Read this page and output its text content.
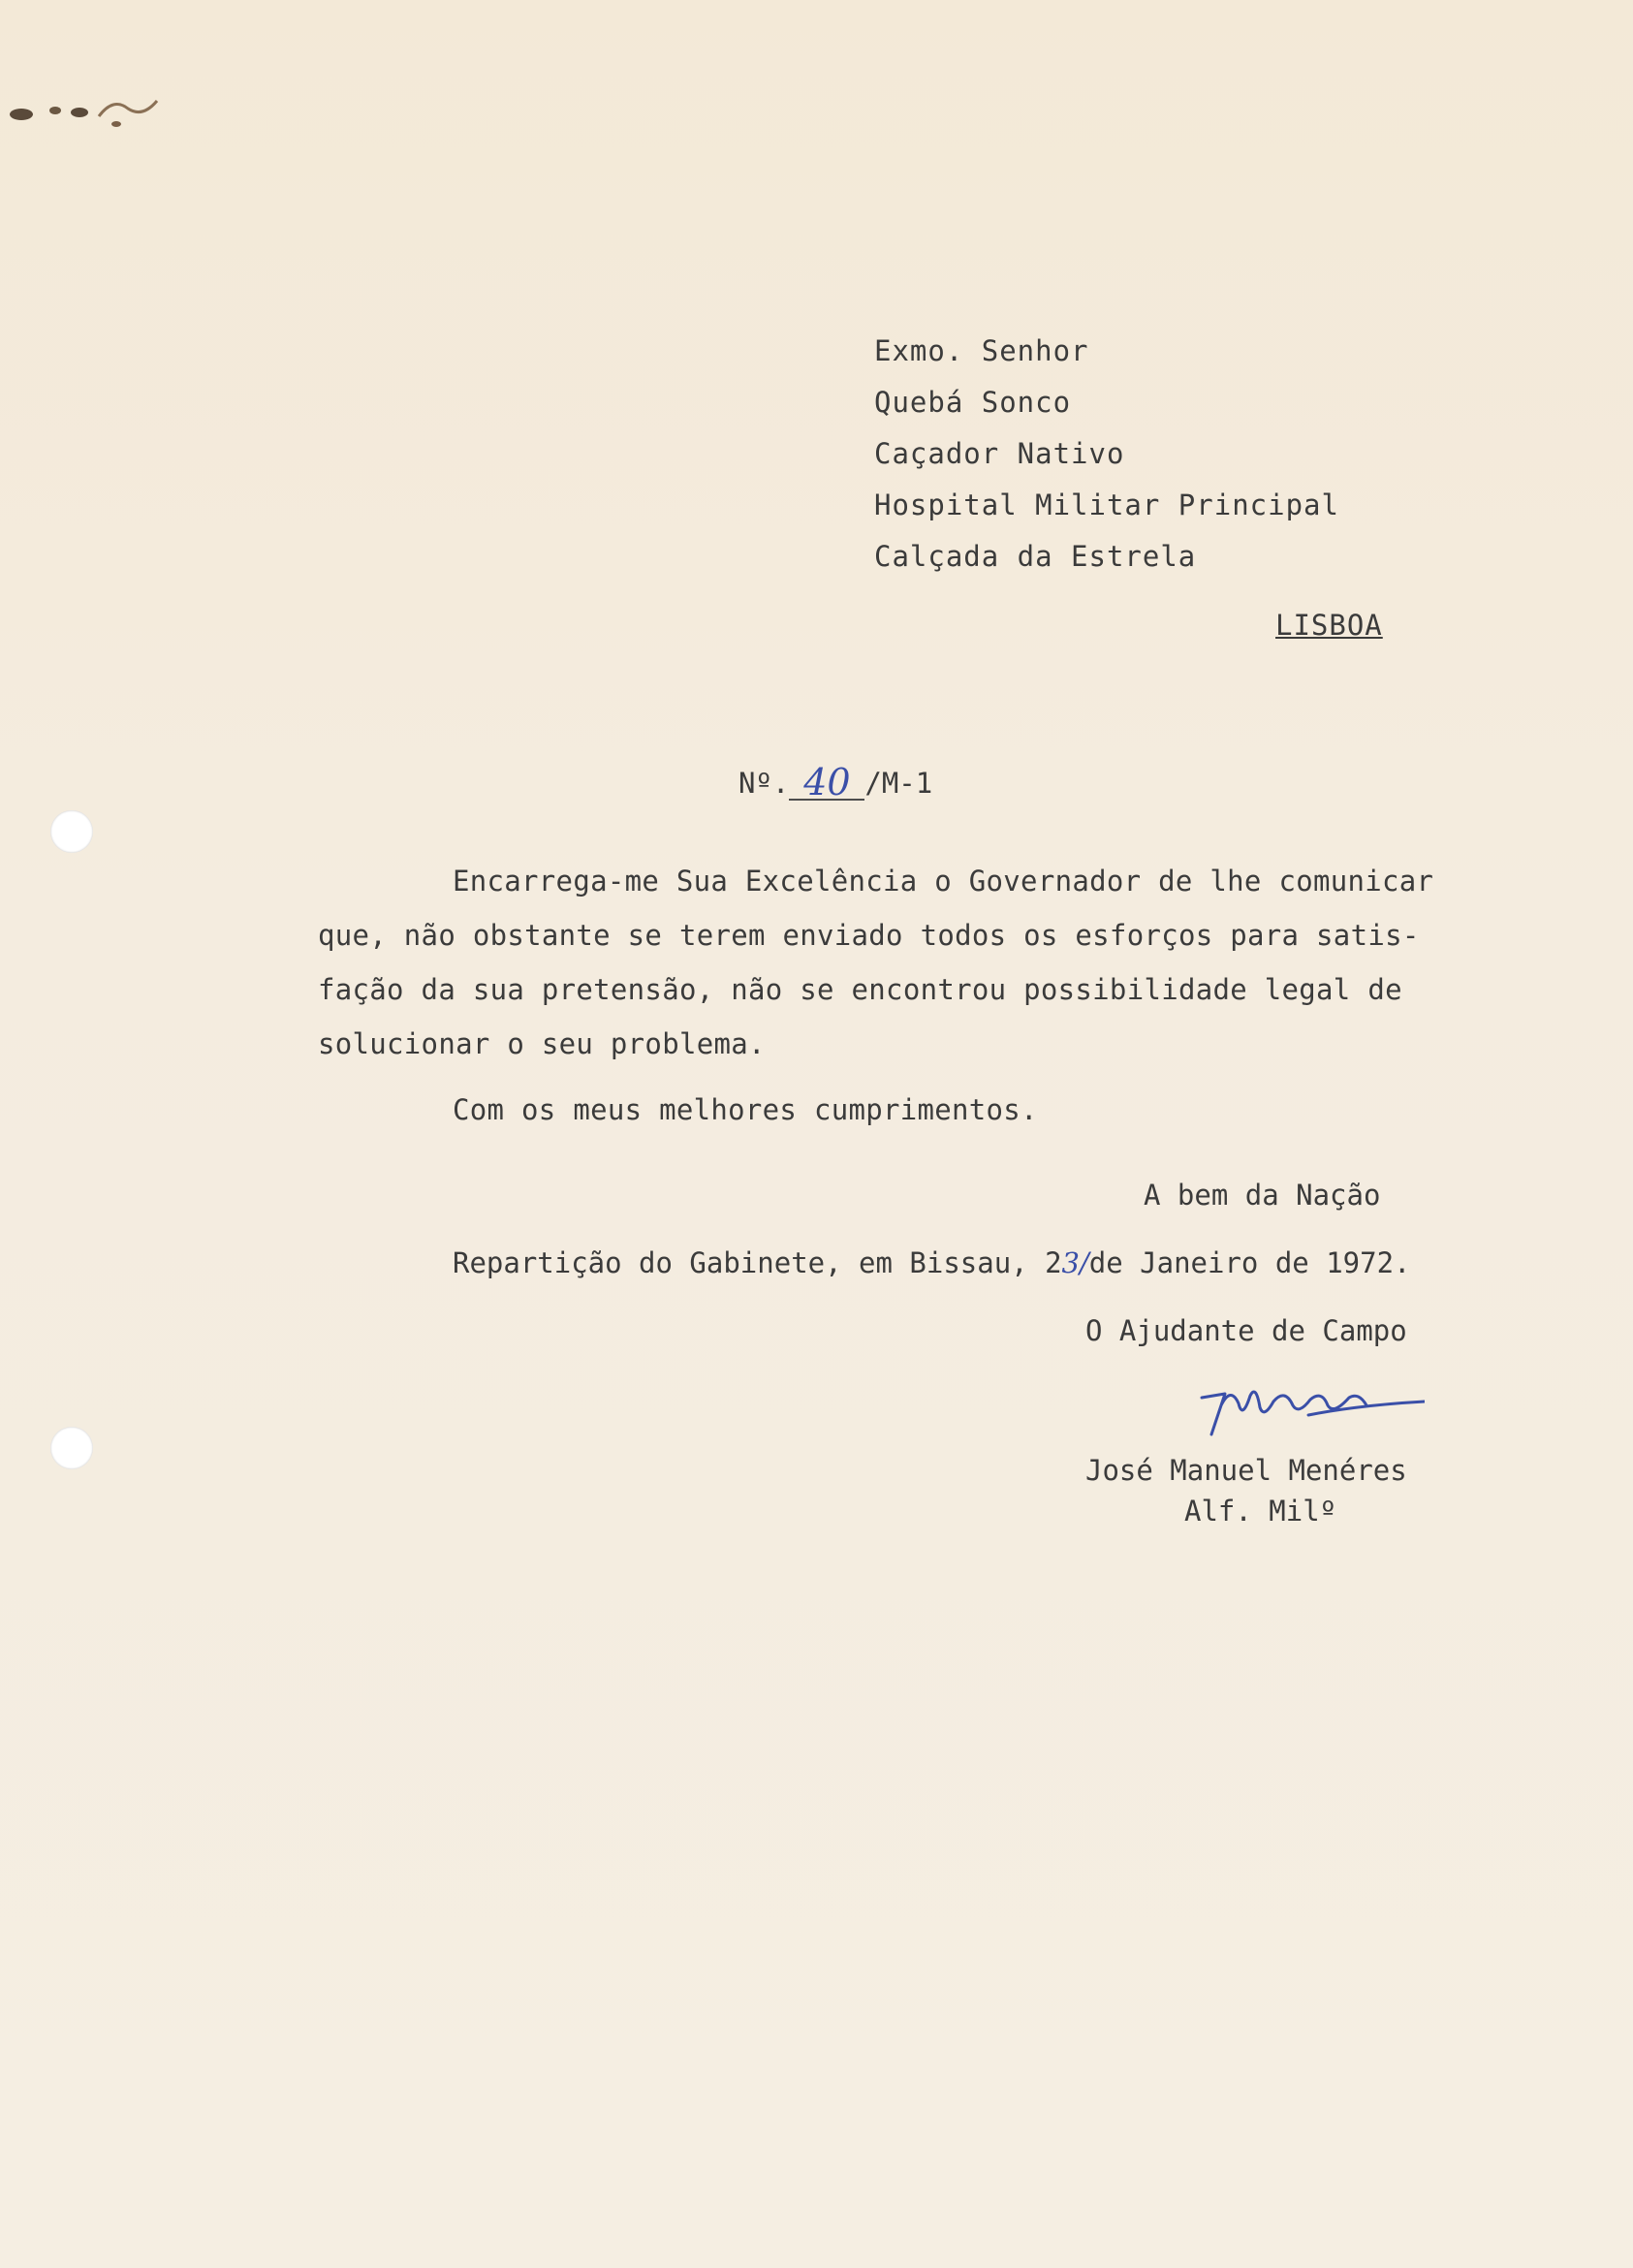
Exmo. Senhor
Quebá Sonco
Caçador Nativo
Hospital Militar Principal
Calçada da Estrela
LISBOA
Nº. 40 /M-1
Encarrega-me Sua Excelência o Governador de lhe comunicar
que, não obstante se terem enviado todos os esforços para satis-
fação da sua pretensão, não se encontrou possibilidade legal de
solucionar o seu problema.
Com os meus melhores cumprimentos.
A bem da Nação
Repartição do Gabinete, em Bissau, 23/de Janeiro de 1972.
O Ajudante de Campo
José Manuel Menéres
Alf. Milº
